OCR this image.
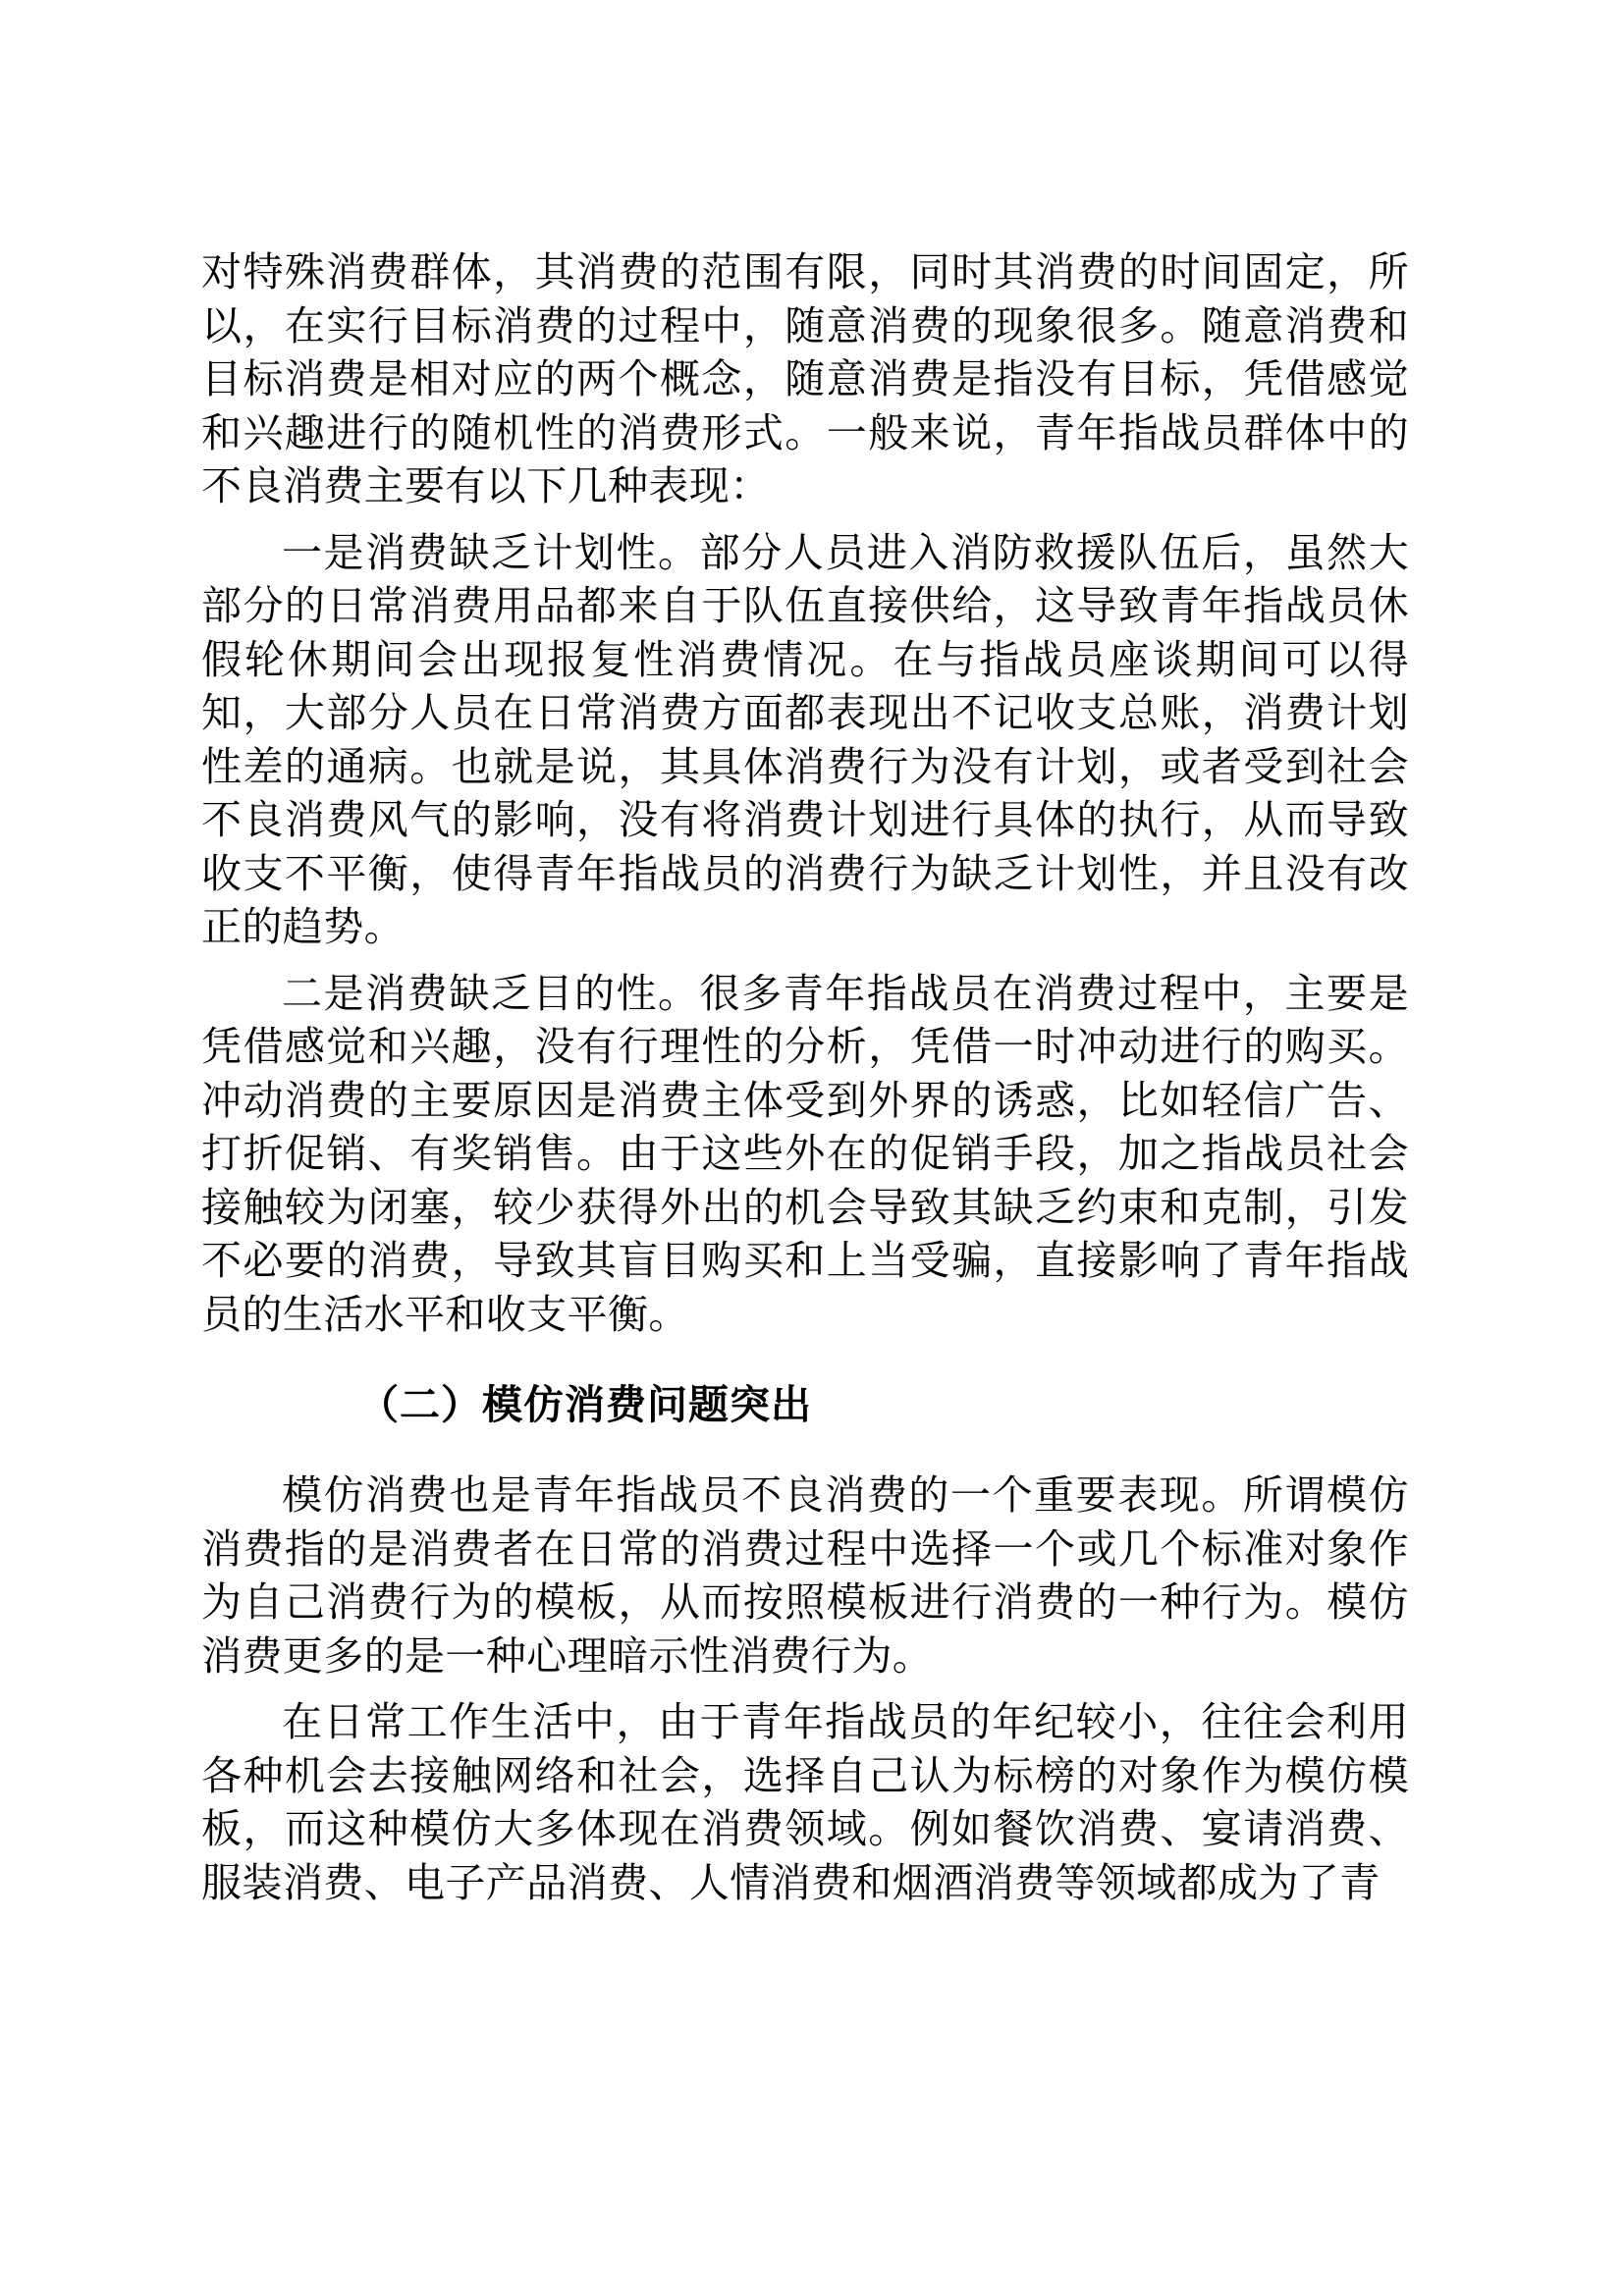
对特殊消费群体，其消费的范围有限，同时其消费的时间固定，所以，在实行目标消费的过程中，随意消费的现象很多。随意消费和目标消费是相对应的两个概念，随意消费是指没有目标，凭借感觉和兴趣进行的随机性的消费形式。一般来说，青年指战员群体中的不良消费主要有以下几种表现：

一是消费缺乏计划性。部分人员进入消防救援队伍后，虽然大部分的日常消费用品都来自于队伍直接供给，这导致青年指战员休假轮休期间会出现报复性消费情况。在与指战员座谈期间可以得知，大部分人员在日常消费方面都表现出不记收支总账，消费计划性差的通病。也就是说，其具体消费行为没有计划，或者受到社会不良消费风气的影响，没有将消费计划进行具体的执行，从而导致收支不平衡，使得青年指战员的消费行为缺乏计划性，并且没有改正的趋势。

二是消费缺乏目的性。很多青年指战员在消费过程中，主要是凭借感觉和兴趣，没有行理性的分析，凭借一时冲动进行的购买。冲动消费的主要原因是消费主体受到外界的诱惑，比如轻信广告、打折促销、有奖销售。由于这些外在的促销手段，加之指战员社会接触较为闭塞，较少获得外出的机会导致其缺乏约束和克制，引发不必要的消费，导致其盲目购买和上当受骗，直接影响了青年指战员的生活水平和收支平衡。

（二）模仿消费问题突出

模仿消费也是青年指战员不良消费的一个重要表现。所谓模仿消费指的是消费者在日常的消费过程中选择一个或几个标准对象作为自己消费行为的模板，从而按照模板进行消费的一种行为。模仿消费更多的是一种心理暗示性消费行为。

在日常工作生活中，由于青年指战员的年纪较小，往往会利用各种机会去接触网络和社会，选择自己认为标榜的对象作为模仿模板，而这种模仿大多体现在消费领域。例如餐饮消费、宴请消费、服装消费、电子产品消费、人情消费和烟酒消费等领域都成为了青
